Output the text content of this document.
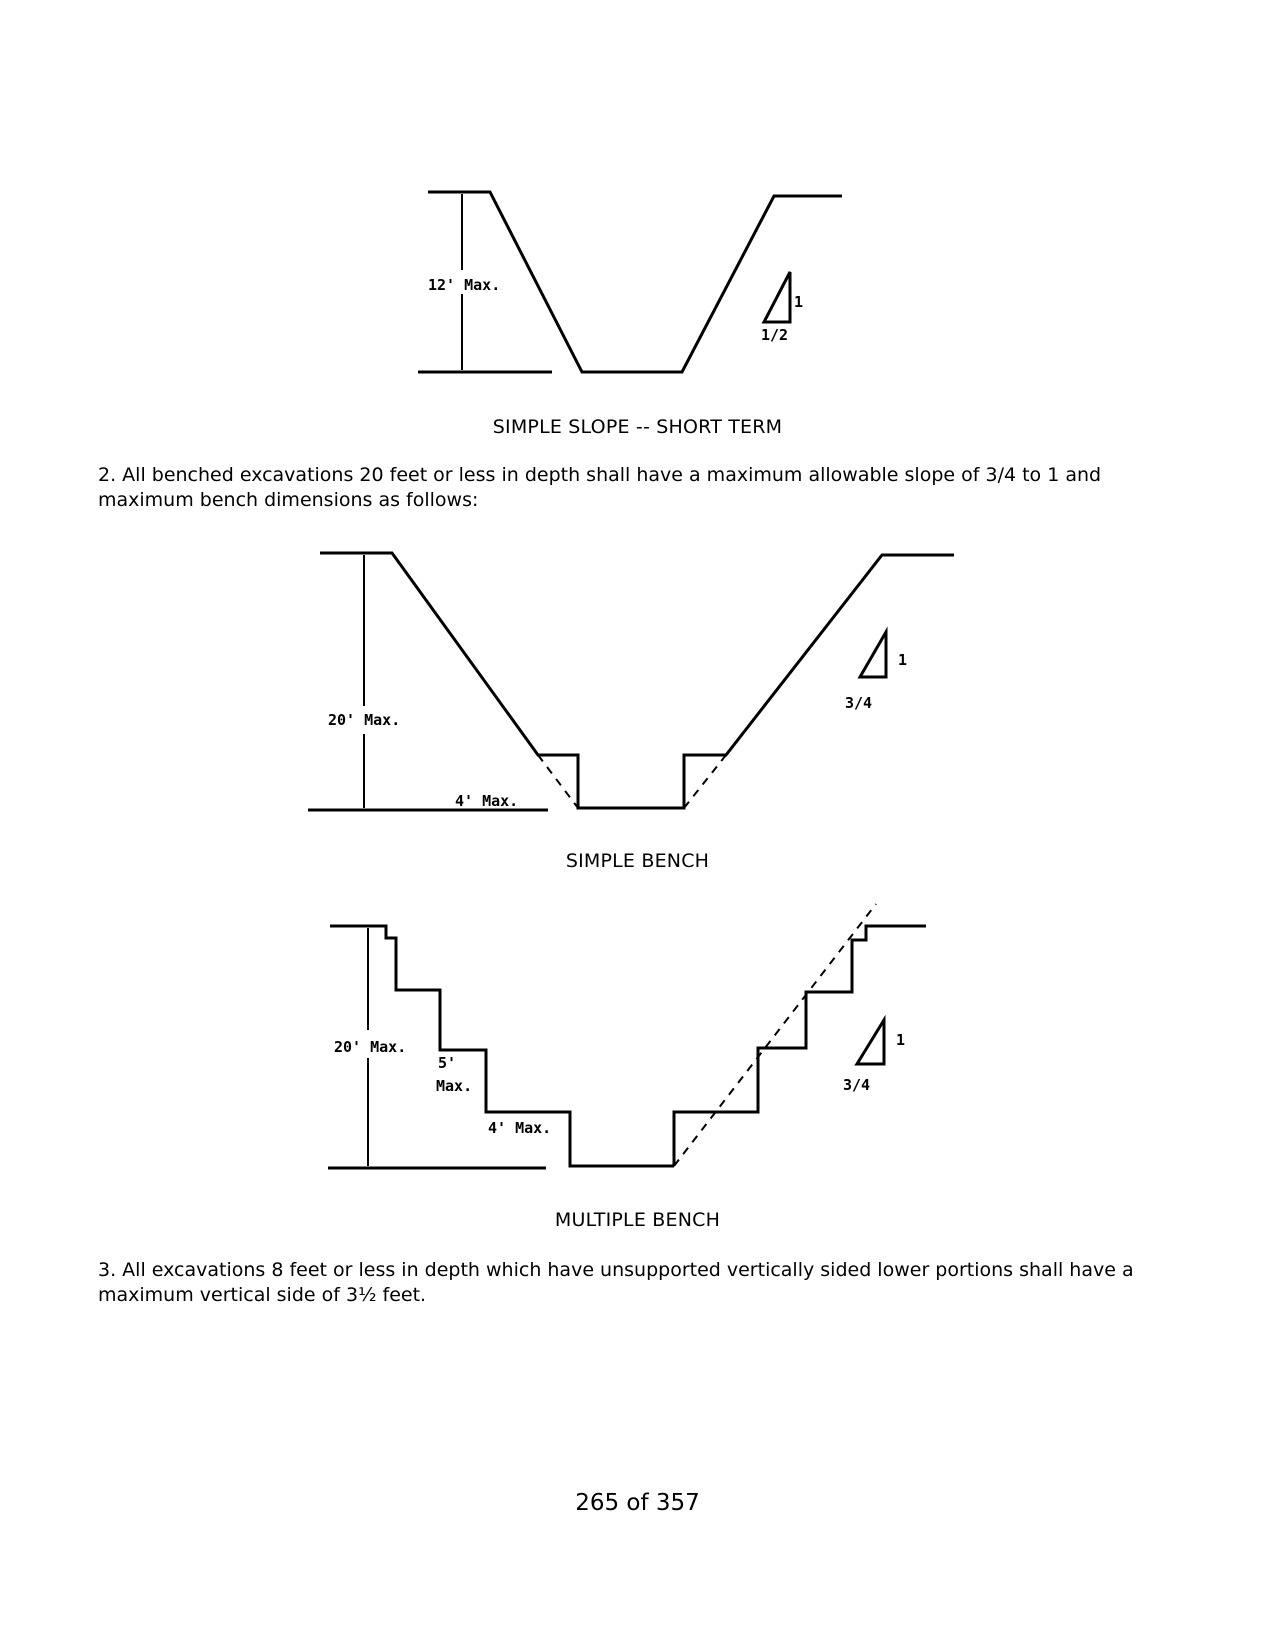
12' Max.
1
1/2
SIMPLE SLOPE -- SHORT TERM
2. All benched excavations 20 feet or less in depth shall have a maximum allowable slope of 3/4 to 1 and maximum bench dimensions as follows:
20' Max.
4' Max.
1
3/4
SIMPLE BENCH
20' Max.
5'
Max.
4' Max.
1
3/4
MULTIPLE BENCH
3. All excavations 8 feet or less in depth which have unsupported vertically sided lower portions shall have a maximum vertical side of 3½ feet.
265 of 357
